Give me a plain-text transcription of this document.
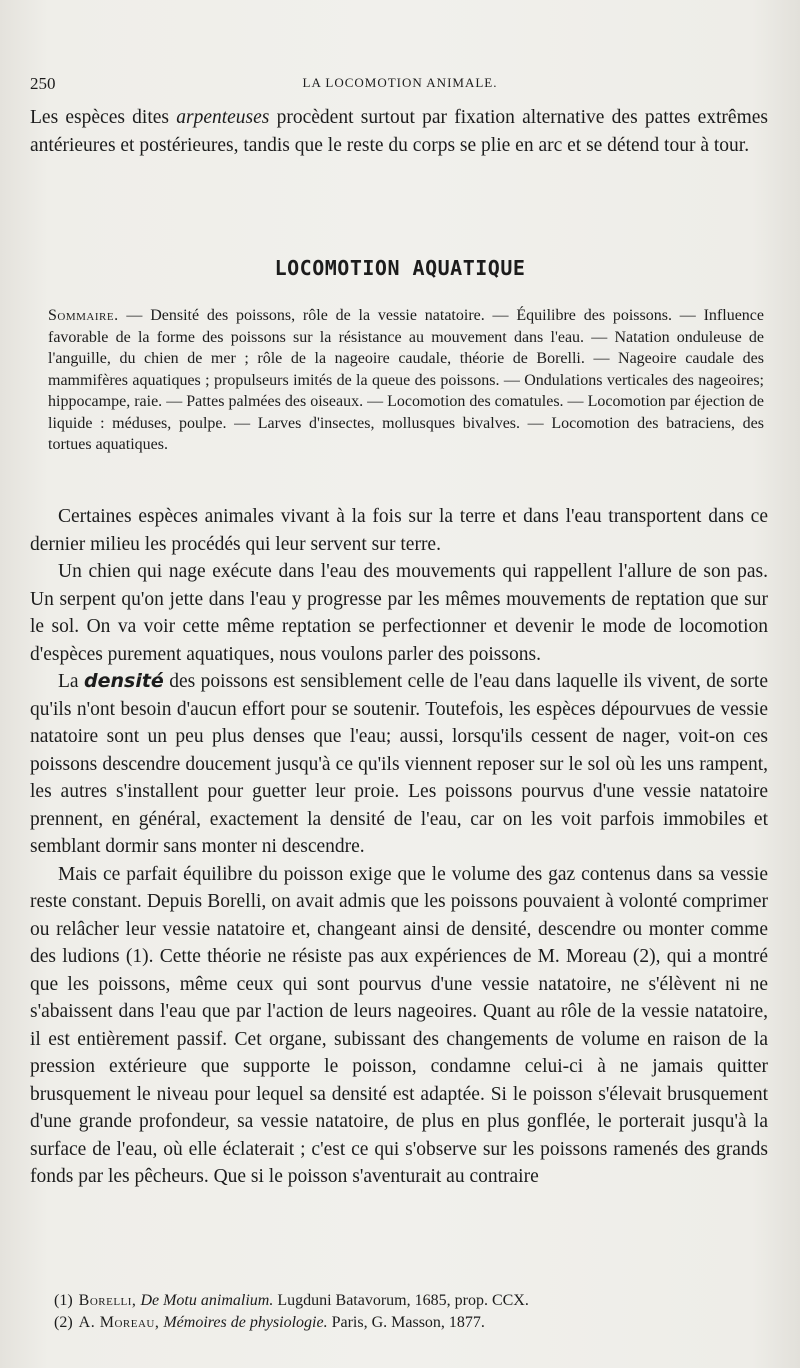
250	LA LOCOMOTION ANIMALE.

Les espèces dites arpenteuses procèdent surtout par fixation alternative des pattes extrêmes antérieures et postérieures, tandis que le reste du corps se plie en arc et se détend tour à tour.

LOCOMOTION AQUATIQUE
Sommaire. — Densité des poissons, rôle de la vessie natatoire. — Équilibre des poissons. — Influence favorable de la forme des poissons sur la résistance au mouvement dans l'eau. — Natation onduleuse de l'anguille, du chien de mer ; rôle de la nageoire caudale, théorie de Borelli. — Nageoire caudale des mammifères aquatiques ; propulseurs imités de la queue des poissons. — Ondulations verticales des nageoires; hippocampe, raie. — Pattes palmées des oiseaux. — Locomotion des comatules. — Locomotion par éjection de liquide : méduses, poulpe. — Larves d'insectes, mollusques bivalves. — Locomotion des batraciens, des tortues aquatiques.

Certaines espèces animales vivant à la fois sur la terre et dans l'eau transportent dans ce dernier milieu les procédés qui leur servent sur terre.

Un chien qui nage exécute dans l'eau des mouvements qui rappellent l'allure de son pas. Un serpent qu'on jette dans l'eau y progresse par les mêmes mouvements de reptation que sur le sol. On va voir cette même reptation se perfectionner et devenir le mode de locomotion d'espèces purement aquatiques, nous voulons parler des poissons.

La densité des poissons est sensiblement celle de l'eau dans laquelle ils vivent, de sorte qu'ils n'ont besoin d'aucun effort pour se soutenir. Toutefois, les espèces dépourvues de vessie natatoire sont un peu plus denses que l'eau; aussi, lorsqu'ils cessent de nager, voit-on ces poissons descendre doucement jusqu'à ce qu'ils viennent reposer sur le sol où les uns rampent, les autres s'installent pour guetter leur proie. Les poissons pourvus d'une vessie natatoire prennent, en général, exactement la densité de l'eau, car on les voit parfois immobiles et semblant dormir sans monter ni descendre.

Mais ce parfait équilibre du poisson exige que le volume des gaz contenus dans sa vessie reste constant. Depuis Borelli, on avait admis que les poissons pouvaient à volonté comprimer ou relâcher leur vessie natatoire et, changeant ainsi de densité, descendre ou monter comme des ludions (1). Cette théorie ne résiste pas aux expériences de M. Moreau (2), qui a montré que les poissons, même ceux qui sont pourvus d'une vessie natatoire, ne s'élèvent ni ne s'abaissent dans l'eau que par l'action de leurs nageoires. Quant au rôle de la vessie natatoire, il est entièrement passif. Cet organe, subissant des changements de volume en raison de la pression extérieure que supporte le poisson, condamne celui-ci à ne jamais quitter brusquement le niveau pour lequel sa densité est adaptée. Si le poisson s'élevait brusquement d'une grande profondeur, sa vessie natatoire, de plus en plus gonflée, le porterait jusqu'à la surface de l'eau, où elle éclaterait ; c'est ce qui s'observe sur les poissons ramenés des grands fonds par les pêcheurs. Que si le poisson s'aventurait au contraire

(1) Borelli, De Motu animalium. Lugduni Batavorum, 1685, prop. CCX.
(2) A. Moreau, Mémoires de physiologie. Paris, G. Masson, 1877.
